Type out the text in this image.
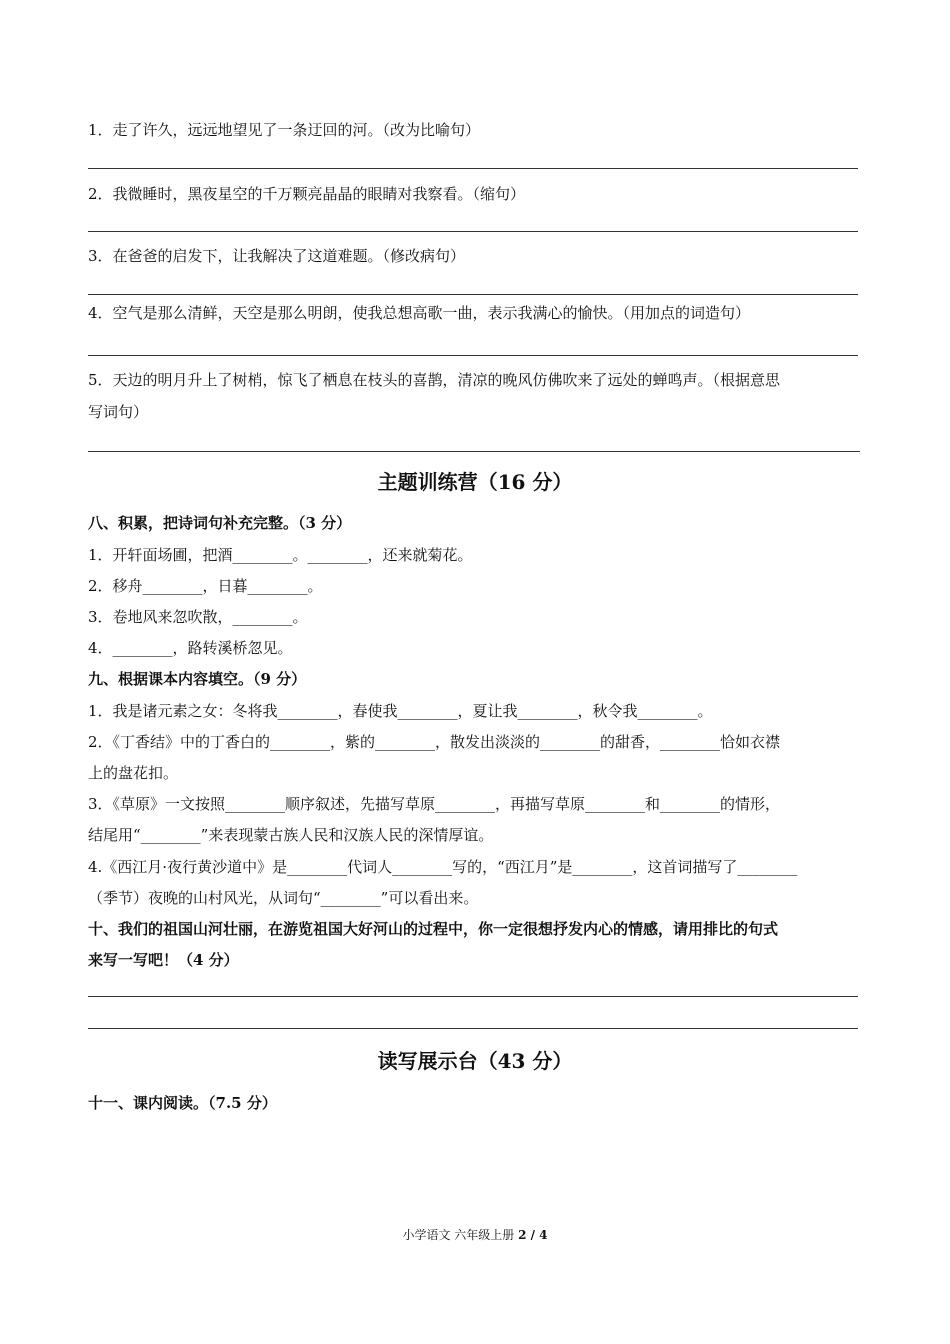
1．走了许久，远远地望见了一条迂回的河。（改为比喻句）
2．我微睡时，黑夜星空的千万颗亮晶晶的眼睛对我察看。（缩句）
3．在爸爸的启发下，让我解决了这道难题。（修改病句）
4．空气是那么清鲜，天空是那么明朗，使我总想高歌一曲，表示我满心的愉快。（用加点的词造句）
5．天边的明月升上了树梢，惊飞了栖息在枝头的喜鹊，清凉的晚风仿佛吹来了远处的蝉鸣声。（根据意思
写词句）
主题训练营（16 分）
八、积累，把诗词句补充完整。（3 分）
1．开轩面场圃，把酒________。________，还来就菊花。
2．移舟________，日暮________。
3．卷地风来忽吹散，________。
4．________，路转溪桥忽见。
九、根据课本内容填空。（9 分）
1．我是诸元素之女：冬将我________，春使我________，夏让我________，秋令我________。
2．《丁香结》中的丁香白的________，紫的________，散发出淡淡的________的甜香，________恰如衣襟
上的盘花扣。
3．《草原》一文按照________顺序叙述，先描写草原________，再描写草原________和________的情形，
结尾用“________”来表现蒙古族人民和汉族人民的深情厚谊。
4.《西江月·夜行黄沙道中》是________代词人________写的，“西江月”是________，这首词描写了________
（季节）夜晚的山村风光，从词句“________”可以看出来。
十、我们的祖国山河壮丽，在游览祖国大好河山的过程中，你一定很想抒发内心的情感，请用排比的句式
来写一写吧！（4 分）
读写展示台（43 分）
十一、课内阅读。（7.5 分）
小学语文 六年级上册 2 / 4
